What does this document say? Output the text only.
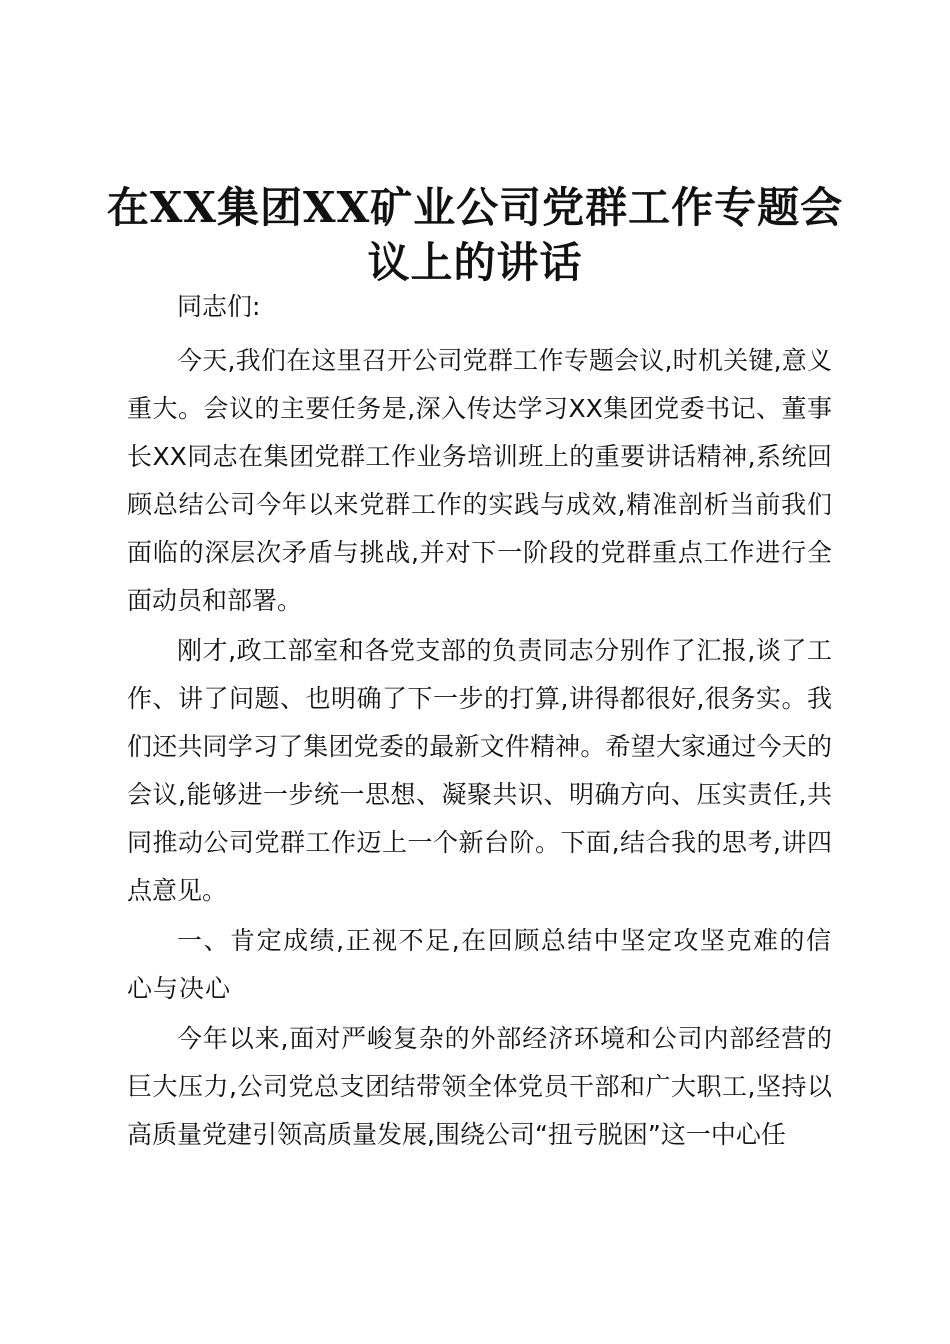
在XX集团XX矿业公司党群工作专题会议上的讲话

同志们:

今天,我们在这里召开公司党群工作专题会议,时机关键,意义重大。会议的主要任务是,深入传达学习XX集团党委书记、董事长XX同志在集团党群工作业务培训班上的重要讲话精神,系统回顾总结公司今年以来党群工作的实践与成效,精准剖析当前我们面临的深层次矛盾与挑战,并对下一阶段的党群重点工作进行全面动员和部署。

刚才,政工部室和各党支部的负责同志分别作了汇报,谈了工作、讲了问题、也明确了下一步的打算,讲得都很好,很务实。我们还共同学习了集团党委的最新文件精神。希望大家通过今天的会议,能够进一步统一思想、凝聚共识、明确方向、压实责任,共同推动公司党群工作迈上一个新台阶。下面,结合我的思考,讲四点意见。

一、肯定成绩,正视不足,在回顾总结中坚定攻坚克难的信心与决心

今年以来,面对严峻复杂的外部经济环境和公司内部经营的巨大压力,公司党总支团结带领全体党员干部和广大职工,坚持以高质量党建引领高质量发展,围绕公司“扭亏脱困”这一中心任
